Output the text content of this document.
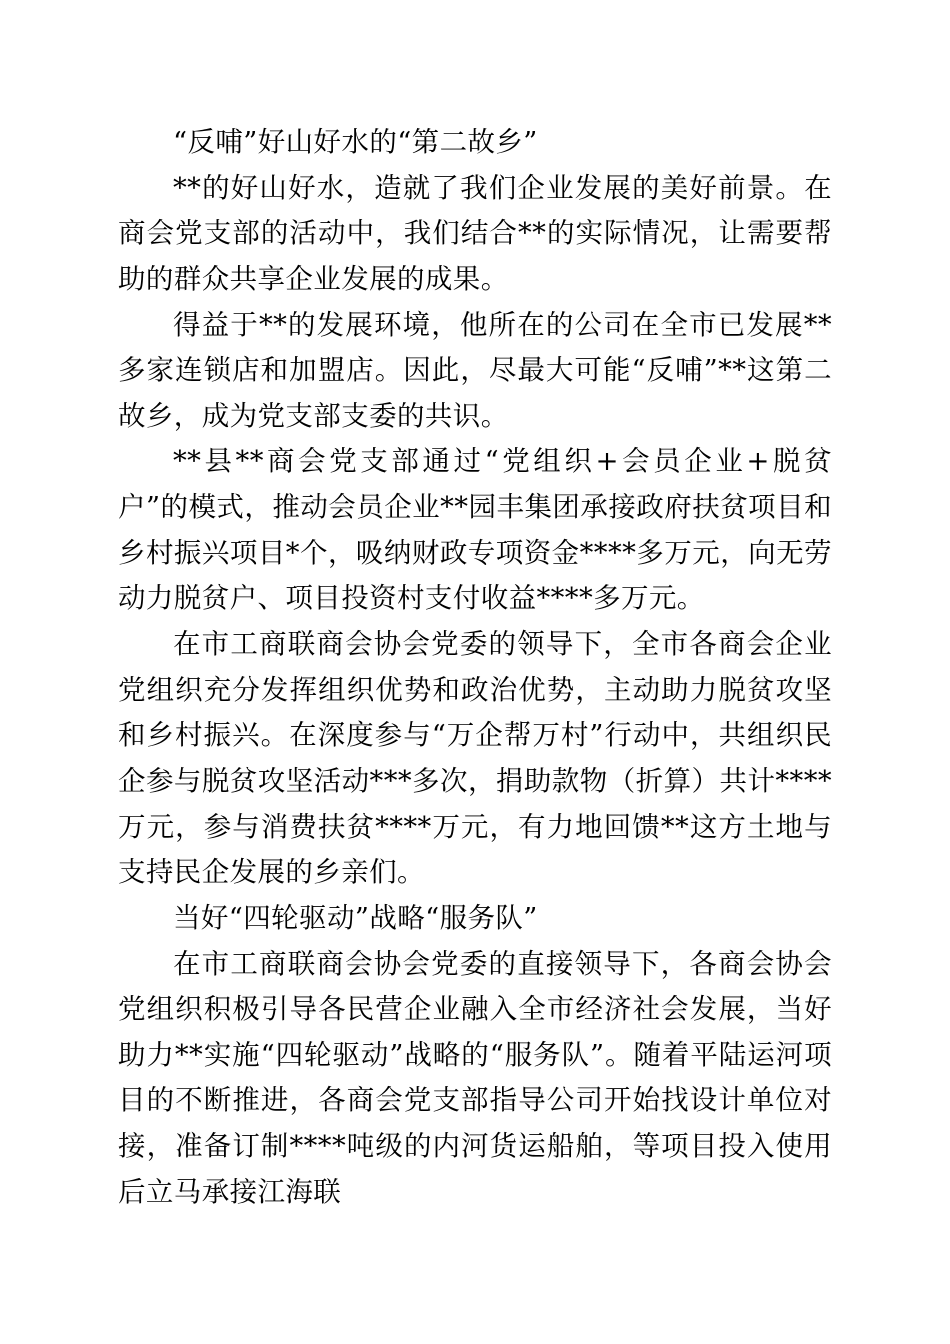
“反哺”好山好水的“第二故乡”

**的好山好水，造就了我们企业发展的美好前景。在商会党支部的活动中，我们结合**的实际情况，让需要帮助的群众共享企业发展的成果。

得益于**的发展环境，他所在的公司在全市已发展**多家连锁店和加盟店。因此，尽最大可能“反哺”**这第二故乡，成为党支部支委的共识。

**县**商会党支部通过“党组织+会员企业+脱贫户”的模式，推动会员企业**园丰集团承接政府扶贫项目和乡村振兴项目*个，吸纳财政专项资金****多万元，向无劳动力脱贫户、项目投资村支付收益****多万元。

在市工商联商会协会党委的领导下，全市各商会企业党组织充分发挥组织优势和政治优势，主动助力脱贫攻坚和乡村振兴。在深度参与“万企帮万村”行动中，共组织民企参与脱贫攻坚活动***多次，捐助款物（折算）共计****万元，参与消费扶贫****万元，有力地回馈**这方土地与支持民企发展的乡亲们。

当好“四轮驱动”战略“服务队”

在市工商联商会协会党委的直接领导下，各商会协会党组织积极引导各民营企业融入全市经济社会发展，当好助力**实施“四轮驱动”战略的“服务队”。随着平陆运河项目的不断推进，各商会党支部指导公司开始找设计单位对接，准备订制****吨级的内河货运船舶，等项目投入使用后立马承接江海联
